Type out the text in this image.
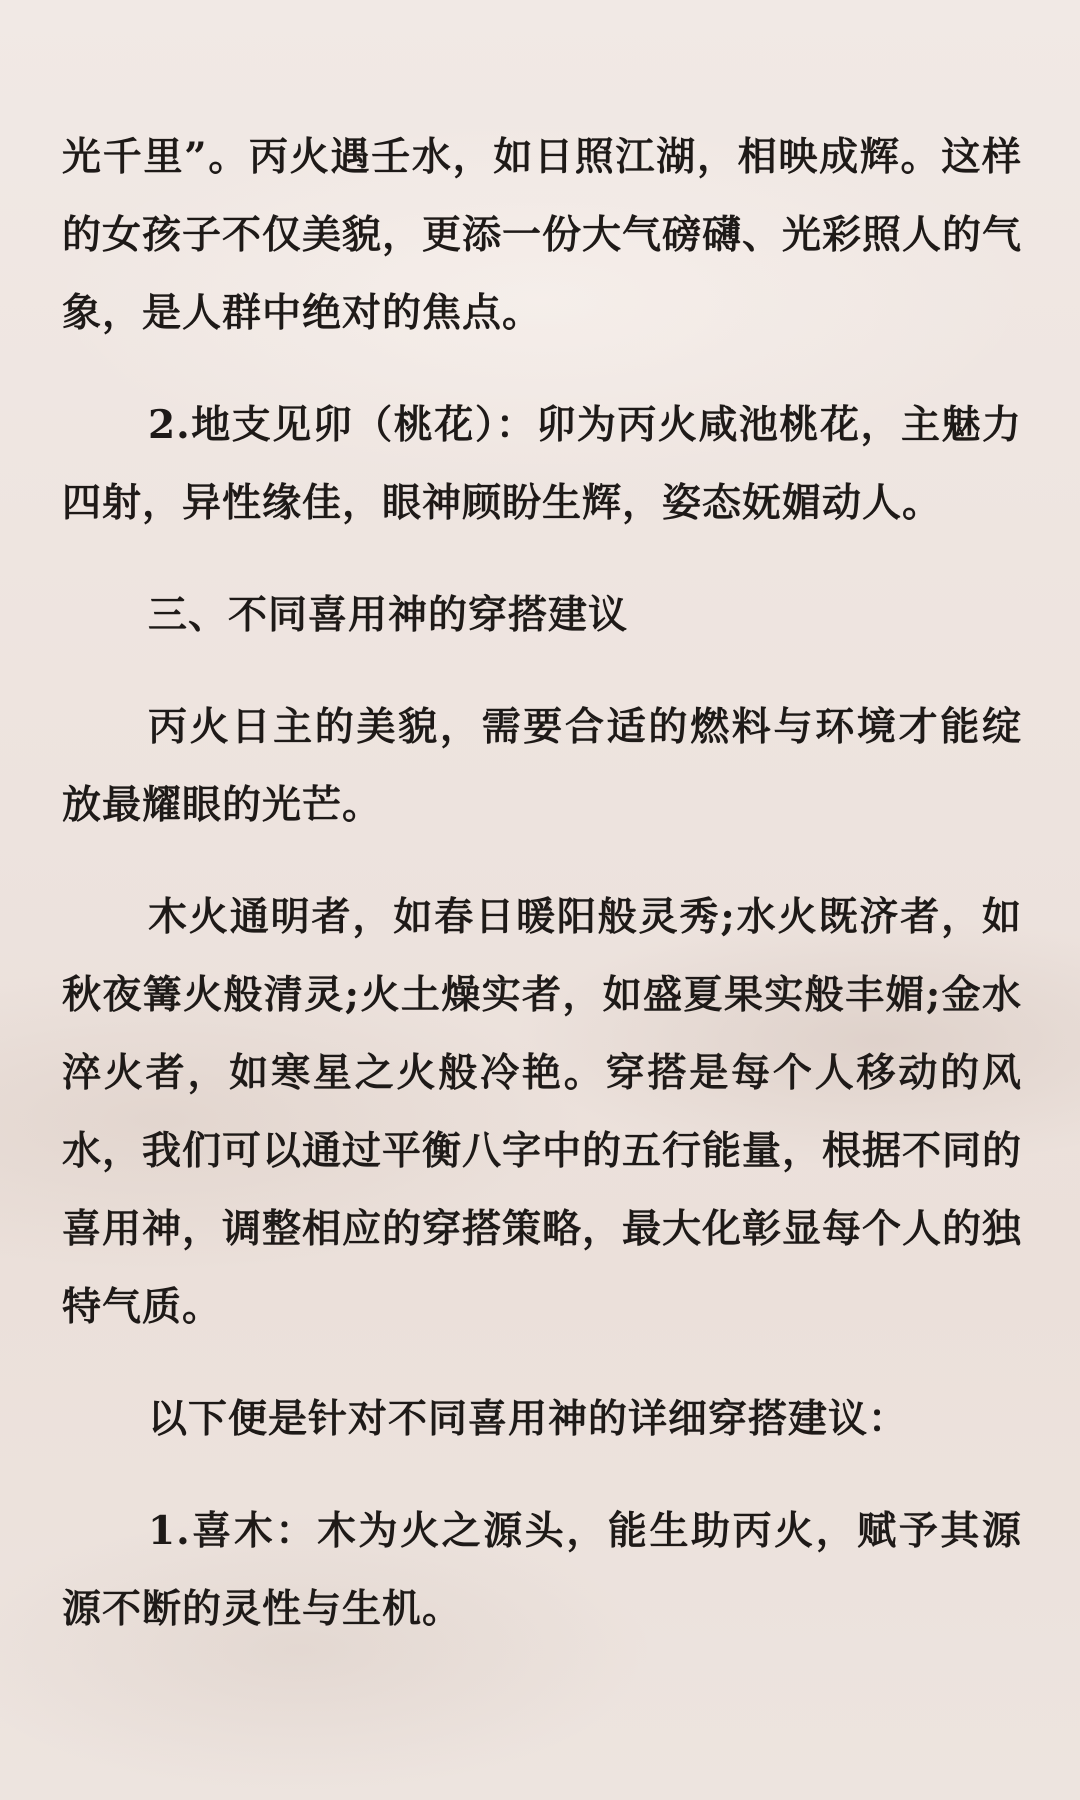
光千里”。丙火遇壬水，如日照江湖，相映成辉。这样的女孩子不仅美貌，更添一份大气磅礴、光彩照人的气象，是人群中绝对的焦点。

2.地支见卯（桃花）：卯为丙火咸池桃花，主魅力四射，异性缘佳，眼神顾盼生辉，姿态妩媚动人。

三、不同喜用神的穿搭建议

丙火日主的美貌，需要合适的燃料与环境才能绽放最耀眼的光芒。

木火通明者，如春日暖阳般灵秀;水火既济者，如秋夜篝火般清灵;火土燥实者，如盛夏果实般丰媚;金水淬火者，如寒星之火般冷艳。穿搭是每个人移动的风水，我们可以通过平衡八字中的五行能量，根据不同的喜用神，调整相应的穿搭策略，最大化彰显每个人的独特气质。

以下便是针对不同喜用神的详细穿搭建议：

1.喜木：木为火之源头，能生助丙火，赋予其源源不断的灵性与生机。
